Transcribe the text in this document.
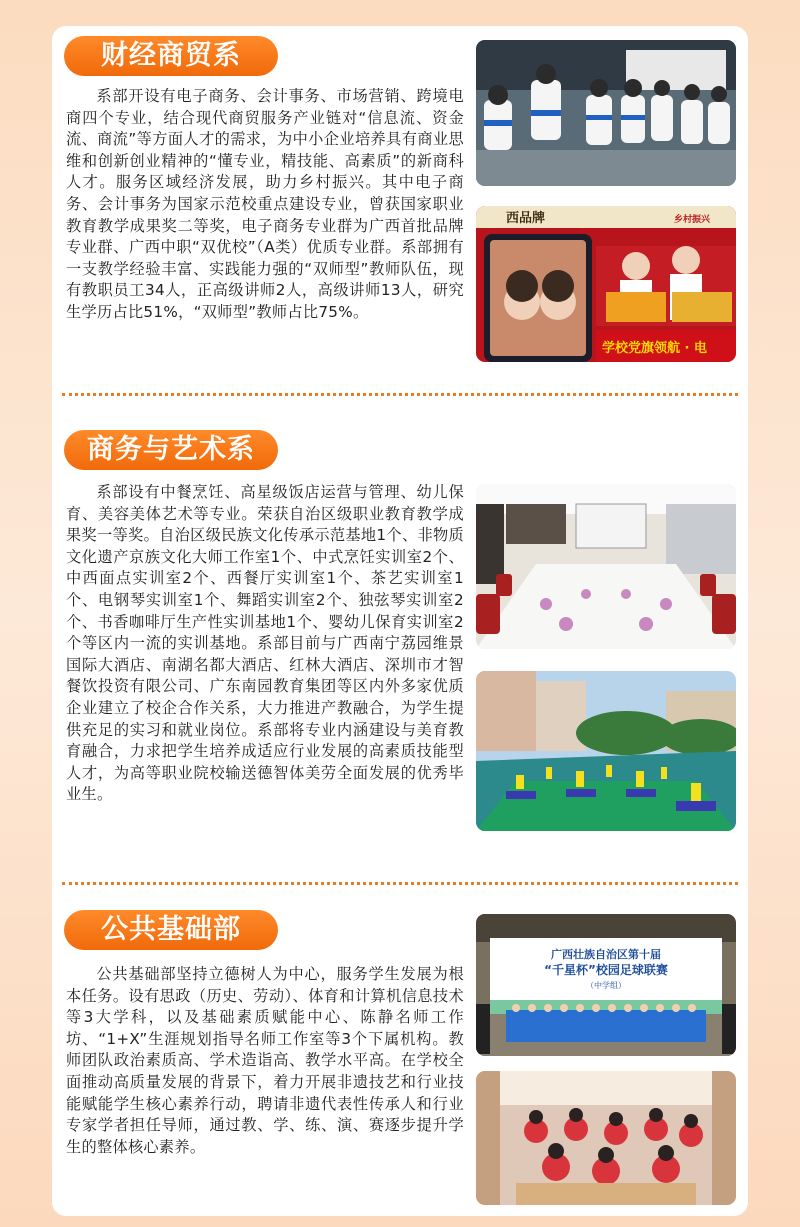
财经商贸系

系部开设有电子商务、会计事务、市场营销、跨境电商四个专业，结合现代商贸服务产业链对“信息流、资金流、商流”等方面人才的需求，为中小企业培养具有商业思维和创新创业精神的“懂专业，精技能、高素质”的新商科人才。服务区域经济发展，助力乡村振兴。其中电子商务、会计事务为国家示范校重点建设专业，曾获国家职业教育教学成果奖二等奖，电子商务专业群为广西首批品牌专业群、广西中职“双优校”（A类）优质专业群。系部拥有一支教学经验丰富、实践能力强的“双师型”教师队伍，现有教职员工34人，正高级讲师2人，高级讲师13人，研究生学历占比51%，“双师型”教师占比75%。

西品牌	乡村振兴
学校党旗领航 · 电
商务与艺术系

系部设有中餐烹饪、高星级饭店运营与管理、幼儿保育、美容美体艺术等专业。荣获自治区级职业教育教学成果奖一等奖。自治区级民族文化传承示范基地1个、非物质文化遗产京族文化大师工作室1个、中式烹饪实训室2个、中西面点实训室2个、西餐厅实训室1个、茶艺实训室1个、电钢琴实训室1个、舞蹈实训室2个、独弦琴实训室2个、书香咖啡厅生产性实训基地1个、婴幼儿保育实训室2个等区内一流的实训基地。系部目前与广西南宁荔园维景国际大酒店、南湖名都大酒店、红林大酒店、深圳市才智餐饮投资有限公司、广东南园教育集团等区内外多家优质企业建立了校企合作关系，大力推进产教融合，为学生提供充足的实习和就业岗位。系部将专业内涵建设与美育教育融合，力求把学生培养成适应行业发展的高素质技能型人才，为高等职业院校输送德智体美劳全面发展的优秀毕业生。

公共基础部

公共基础部坚持立德树人为中心，服务学生发展为根本任务。设有思政（历史、劳动）、体育和计算机信息技术等3大学科，以及基础素质赋能中心、陈静名师工作坊、“1+X”生涯规划指导名师工作室等3个下属机构。教师团队政治素质高、学术造诣高、教学水平高。在学校全面推动高质量发展的背景下，着力开展非遗技艺和行业技能赋能学生核心素养行动，聘请非遗代表性传承人和行业专家学者担任导师，通过教、学、练、演、赛逐步提升学生的整体核心素养。

广西壮族自治区第十届
“千星杯”校园足球联赛
（中学组）
